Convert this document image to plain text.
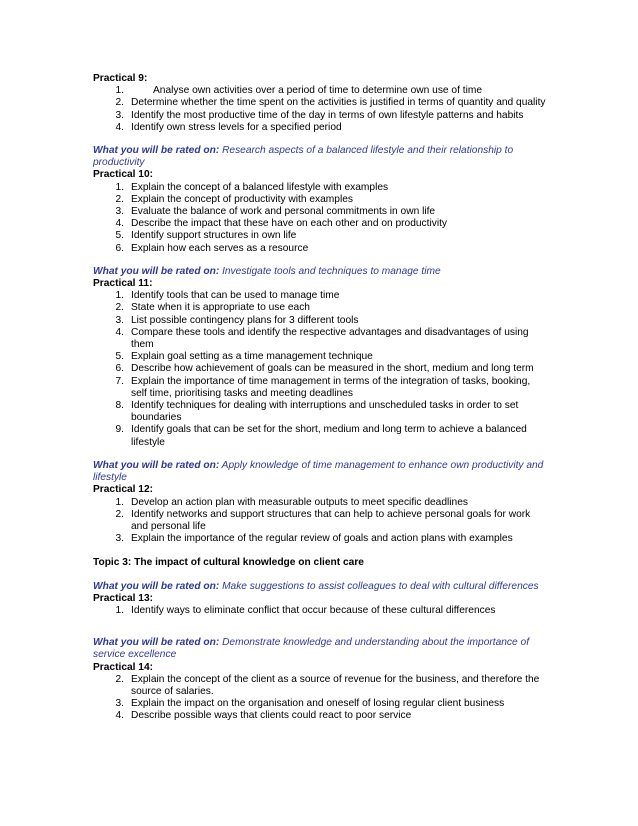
Practical 9:
1.	Analyse own activities over a period of time to determine own use of time
2. Determine whether the time spent on the activities is justified in terms of quantity and quality
3. Identify the most productive time of the day in terms of own lifestyle patterns and habits
4. Identify own stress levels for a specified period
What you will be rated on: Research aspects of a balanced lifestyle and their relationship to productivity
Practical 10:
1. Explain the concept of a balanced lifestyle with examples
2. Explain the concept of productivity with examples
3. Evaluate the balance of work and personal commitments in own life
4. Describe the impact that these have on each other and on productivity
5. Identify support structures in own life
6. Explain how each serves as a resource
What you will be rated on: Investigate tools and techniques to manage time
Practical 11:
1. Identify tools that can be used to manage time
2. State when it is appropriate to use each
3. List possible contingency plans for 3 different tools
4. Compare these tools and identify the respective advantages and disadvantages of using them
5. Explain goal setting as a time management technique
6. Describe how achievement of goals can be measured in the short, medium and long term
7. Explain the importance of time management in terms of the integration of tasks, booking, self time, prioritising tasks and meeting deadlines
8. Identify techniques for dealing with interruptions and unscheduled tasks in order to set boundaries
9. Identify goals that can be set for the short, medium and long term to achieve a balanced lifestyle
What you will be rated on: Apply knowledge of time management to enhance own productivity and lifestyle
Practical 12:
1. Develop an action plan with measurable outputs to meet specific deadlines
2. Identify networks and support structures that can help to achieve personal goals for work and personal life
3. Explain the importance of the regular review of goals and action plans with examples
Topic 3: The impact of cultural knowledge on client care
What you will be rated on: Make suggestions to assist colleagues to deal with cultural differences
Practical 13:
1. Identify ways to eliminate conflict that occur because of these cultural differences
What you will be rated on: Demonstrate knowledge and understanding about the importance of service excellence
Practical 14:
2. Explain the concept of the client as a source of revenue for the business, and therefore the source of salaries.
3. Explain the impact on the organisation and oneself of losing regular client business
4. Describe possible ways that clients could react to poor service
